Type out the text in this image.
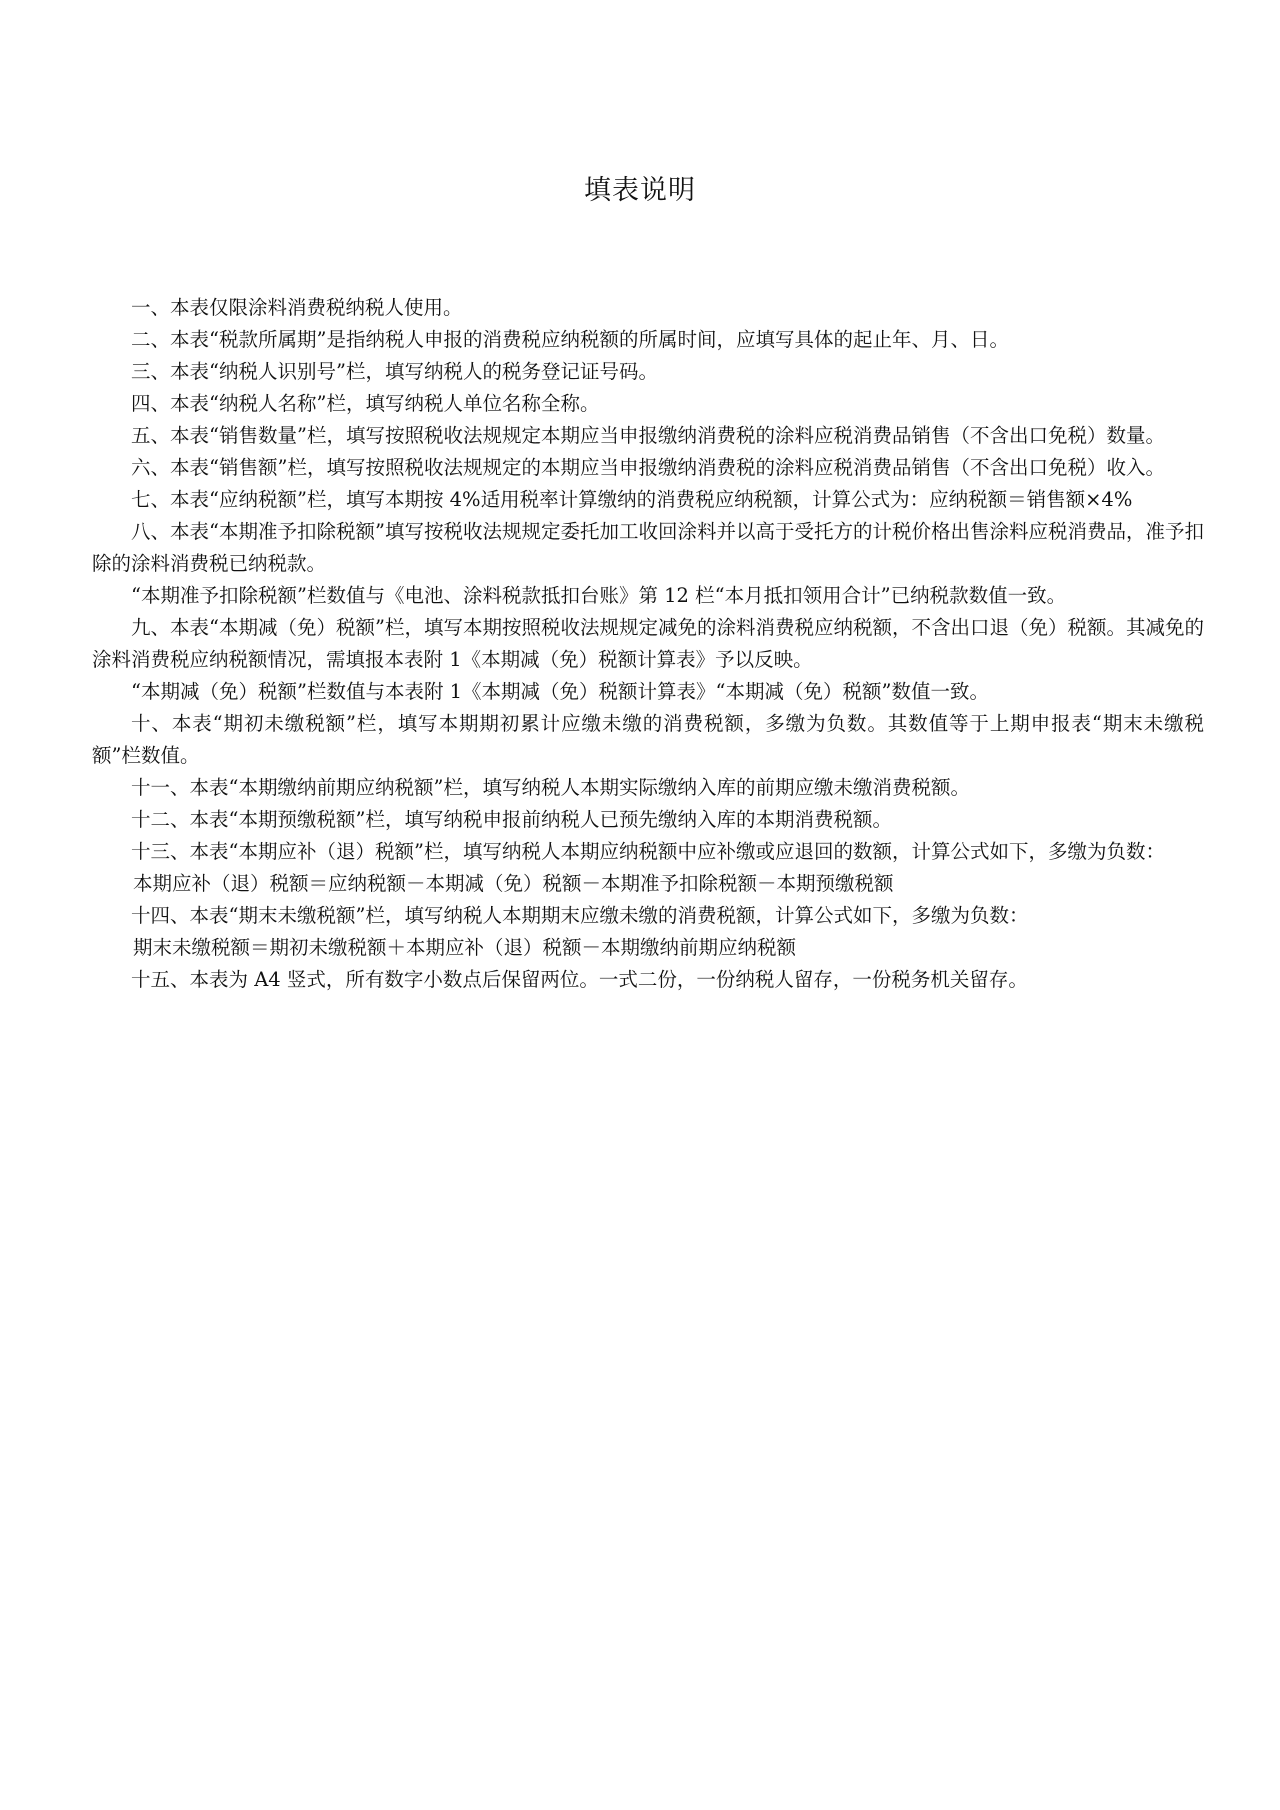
填表说明

一、本表仅限涂料消费税纳税人使用。

二、本表“税款所属期”是指纳税人申报的消费税应纳税额的所属时间，应填写具体的起止年、月、日。

三、本表“纳税人识别号”栏，填写纳税人的税务登记证号码。

四、本表“纳税人名称”栏，填写纳税人单位名称全称。

五、本表“销售数量”栏，填写按照税收法规规定本期应当申报缴纳消费税的涂料应税消费品销售（不含出口免税）数量。

六、本表“销售额”栏，填写按照税收法规规定的本期应当申报缴纳消费税的涂料应税消费品销售（不含出口免税）收入。

七、本表“应纳税额”栏，填写本期按 4%适用税率计算缴纳的消费税应纳税额，计算公式为：应纳税额＝销售额×4%

八、本表“本期准予扣除税额”填写按税收法规规定委托加工收回涂料并以高于受托方的计税价格出售涂料应税消费品，准予扣除的涂料消费税已纳税款。

“本期准予扣除税额”栏数值与《电池、涂料税款抵扣台账》第 12 栏“本月抵扣领用合计”已纳税款数值一致。

九、本表“本期减（免）税额”栏，填写本期按照税收法规规定减免的涂料消费税应纳税额，不含出口退（免）税额。其减免的涂料消费税应纳税额情况，需填报本表附 1《本期减（免）税额计算表》予以反映。

“本期减（免）税额”栏数值与本表附 1《本期减（免）税额计算表》“本期减（免）税额”数值一致。

十、本表“期初未缴税额”栏，填写本期期初累计应缴未缴的消费税额，多缴为负数。其数值等于上期申报表“期末未缴税额”栏数值。

十一、本表“本期缴纳前期应纳税额”栏，填写纳税人本期实际缴纳入库的前期应缴未缴消费税额。

十二、本表“本期预缴税额”栏，填写纳税申报前纳税人已预先缴纳入库的本期消费税额。

十三、本表“本期应补（退）税额”栏，填写纳税人本期应纳税额中应补缴或应退回的数额，计算公式如下，多缴为负数：

本期应补（退）税额＝应纳税额－本期减（免）税额－本期准予扣除税额－本期预缴税额

十四、本表“期末未缴税额”栏，填写纳税人本期期末应缴未缴的消费税额，计算公式如下，多缴为负数：

期末未缴税额＝期初未缴税额＋本期应补（退）税额－本期缴纳前期应纳税额

十五、本表为 A4 竖式，所有数字小数点后保留两位。一式二份，一份纳税人留存，一份税务机关留存。
